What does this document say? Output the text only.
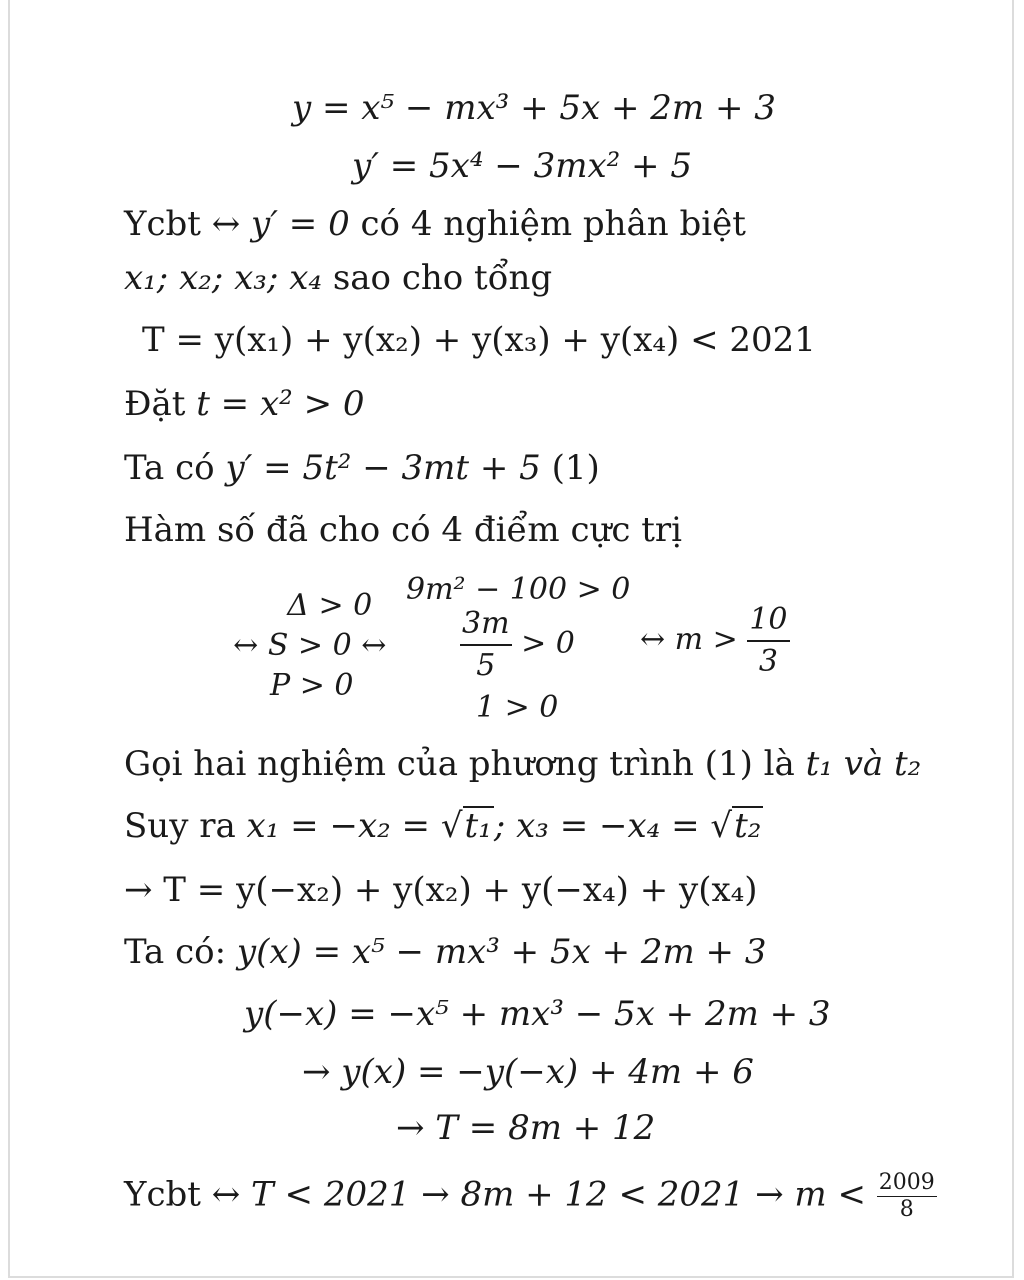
y = x⁵ − mx³ + 5x + 2m + 3
y′ = 5x⁴ − 3mx² + 5
Ycbt ↔ y′ = 0 có 4 nghiệm phân biệt
x₁; x₂; x₃; x₄ sao cho tổng
T = y(x₁) + y(x₂) + y(x₃) + y(x₄) < 2021
Đặt t = x² > 0
Ta có y′ = 5t² − 3mt + 5 (1)
Hàm số đã cho có 4 điểm cực trị
Δ > 0
↔ S > 0 ↔
P > 0
9m² − 100 > 0
$\frac{3m}{5} > 0$
1 > 0
↔ $m > \frac{10}{3}$
Gọi hai nghiệm của phương trình (1) là t₁ và t₂
Suy ra x₁ = −x₂ = √t₁; x₃ = −x₄ = √t₂
→ T = y(−x₂) + y(x₂) + y(−x₄) + y(x₄)
Ta có: y(x) = x⁵ − mx³ + 5x + 2m + 3
y(−x) = −x⁵ + mx³ − 5x + 2m + 3
→ y(x) = −y(−x) + 4m + 6
→ T = 8m + 12
Ycbt ↔ $T < 2021 \to 8m + 12 < 2021 \to m < \frac{2009}{8}$
